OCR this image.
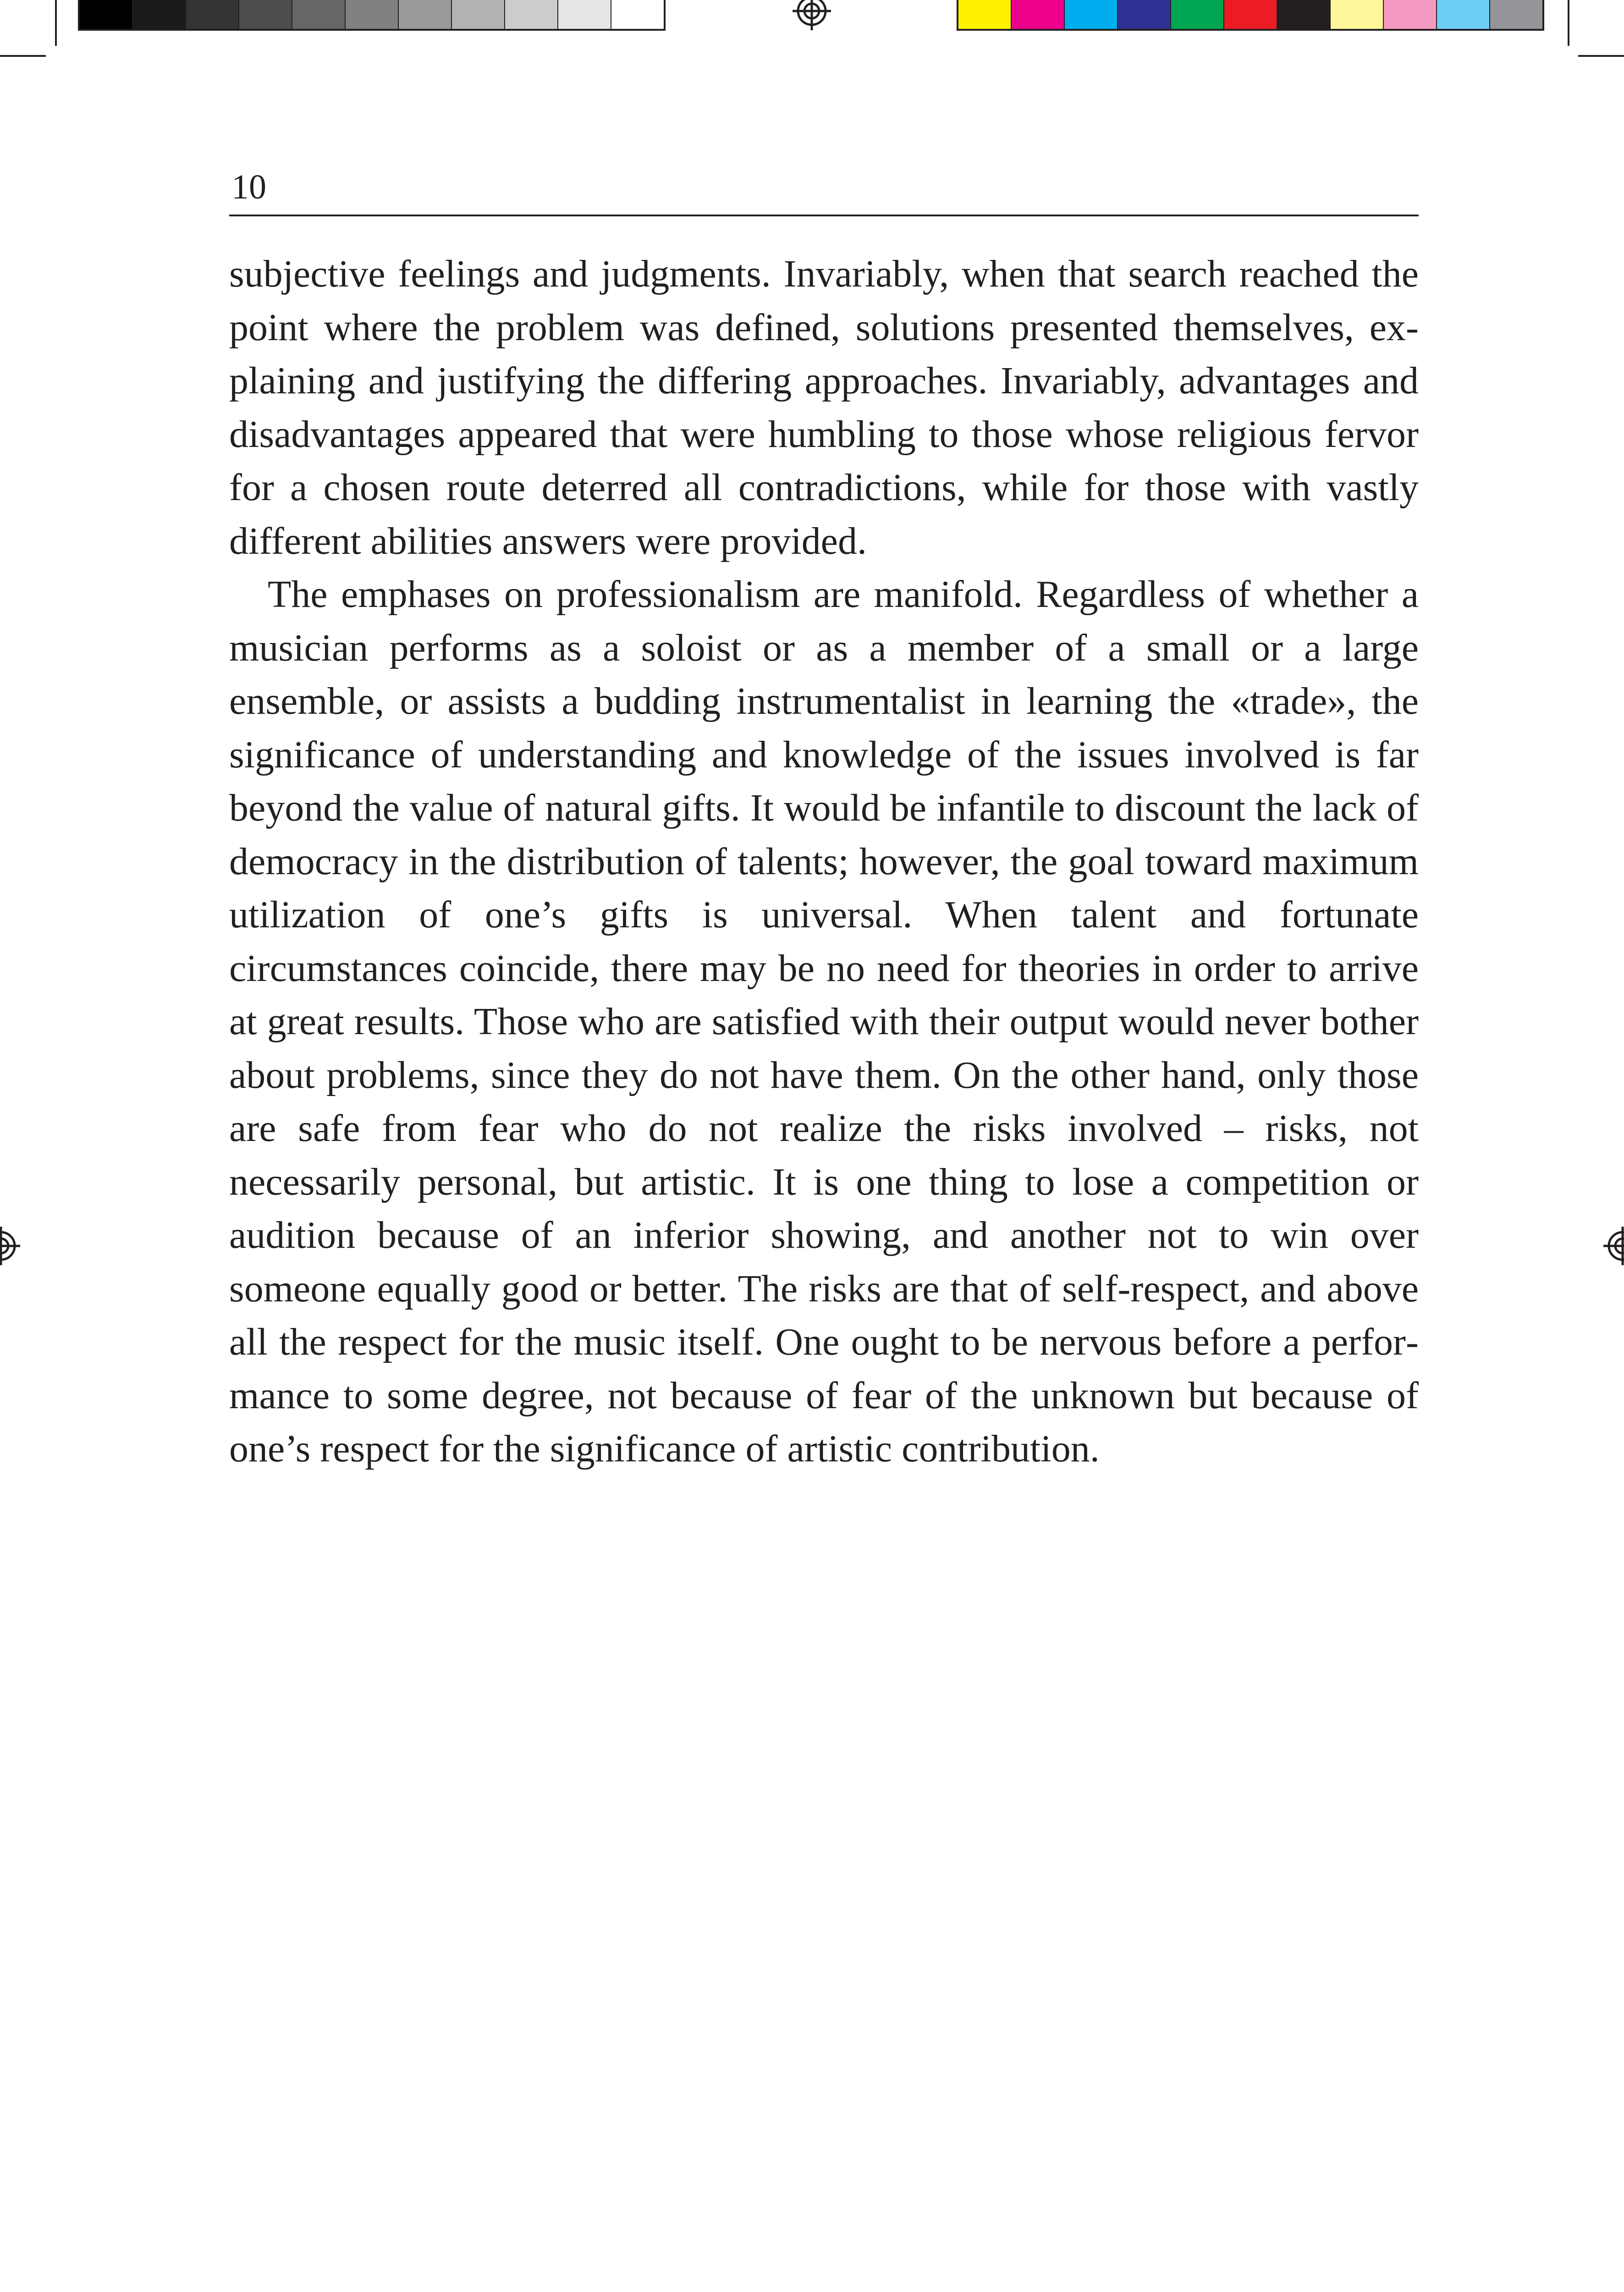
10

subjective feelings and judgments. Invariably, when that search reached the point where the problem was defined, solutions presented themselves, explaining and justifying the differing approaches. Invariably, advantages and disadvantages appeared that were humbling to those whose religious fervor for a chosen route deterred all contradictions, while for those with vastly different abilities answers were provided.

The emphases on professionalism are manifold. Regardless of whether a musician performs as a soloist or as a member of a small or a large ensemble, or assists a budding instrumentalist in learning the «trade», the significance of understanding and knowledge of the issues involved is far beyond the value of natural gifts. It would be infantile to discount the lack of democracy in the distribution of talents; however, the goal toward maximum utilization of one’s gifts is universal. When talent and fortunate circumstances coincide, there may be no need for theories in order to arrive at great results. Those who are satisfied with their output would never bother about problems, since they do not have them. On the other hand, only those are safe from fear who do not realize the risks involved – risks, not necessarily personal, but artistic. It is one thing to lose a competition or audition because of an inferior showing, and another not to win over someone equally good or better. The risks are that of self-respect, and above all the respect for the music itself. One ought to be nervous before a performance to some degree, not because of fear of the unknown but because of one’s respect for the significance of artistic contribution.
